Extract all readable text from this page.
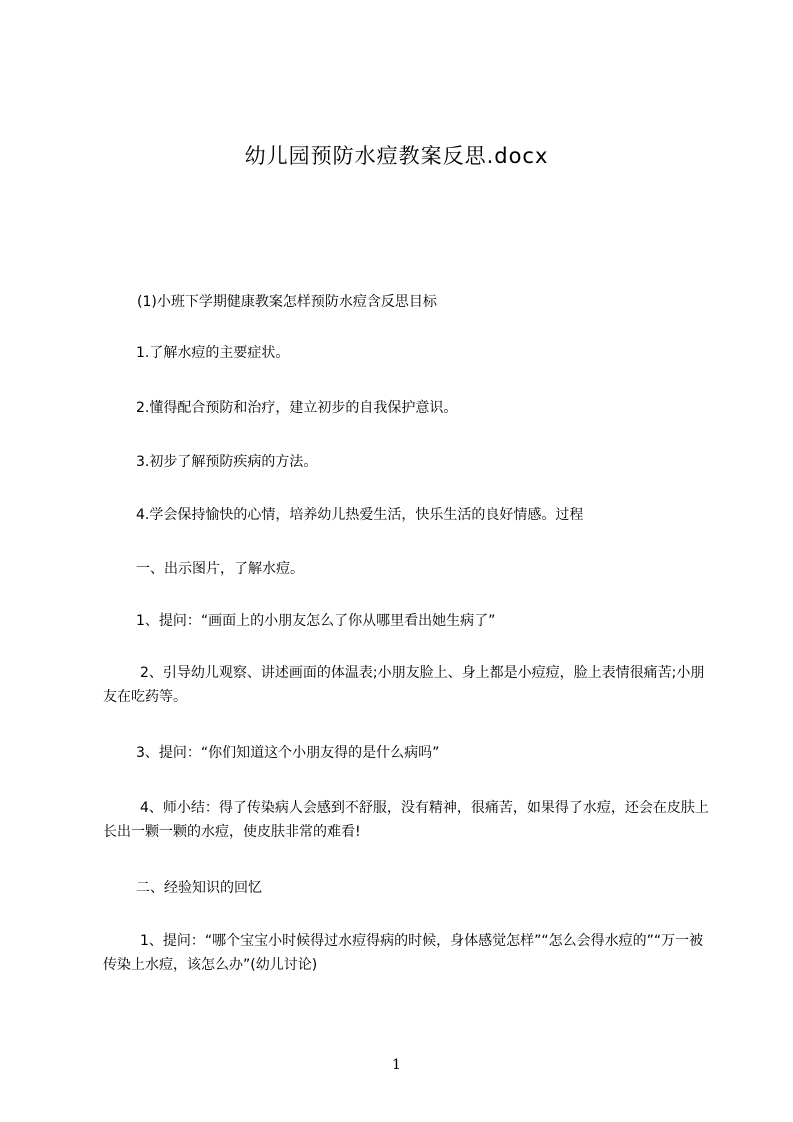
幼儿园预防水痘教案反思.docx
(1)小班下学期健康教案怎样预防水痘含反思目标
1.了解水痘的主要症状。
2.懂得配合预防和治疗，建立初步的自我保护意识。
3.初步了解预防疾病的方法。
4.学会保持愉快的心情，培养幼儿热爱生活，快乐生活的良好情感。过程
一、出示图片，了解水痘。
1、提问：“画面上的小朋友怎么了你从哪里看出她生病了”
2、引导幼儿观察、讲述画面的体温表;小朋友脸上、身上都是小痘痘，脸上表情很痛苦;小朋友在吃药等。
3、提问：“你们知道这个小朋友得的是什么病吗”
4、师小结：得了传染病人会感到不舒服，没有精神，很痛苦，如果得了水痘，还会在皮肤上长出一颗一颗的水痘，使皮肤非常的难看!
二、经验知识的回忆
1、提问：“哪个宝宝小时候得过水痘得病的时候，身体感觉怎样”“怎么会得水痘的”“万一被传染上水痘，该怎么办”(幼儿讨论)
1
